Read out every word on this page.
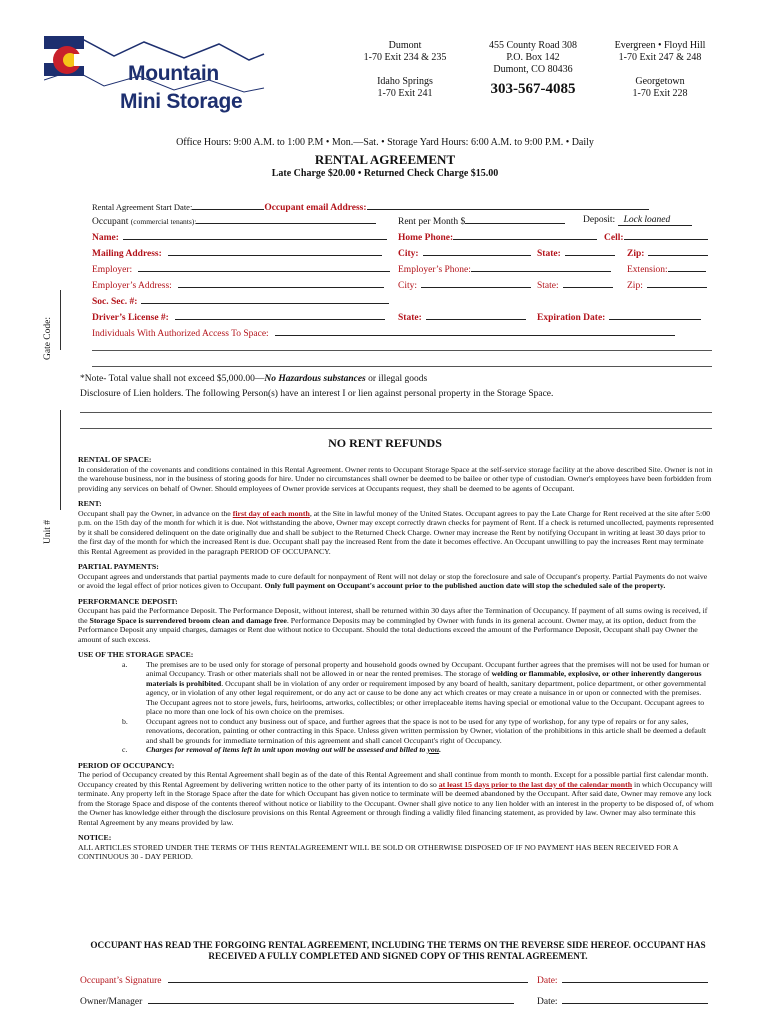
Mountain
Mini Storage
Dumont
1-70 Exit 234 & 235
Idaho Springs
1-70 Exit 241
455 County Road 308
P.O. Box 142
Dumont, CO 80436
303-567-4085
Evergreen • Floyd Hill
1-70 Exit 247 & 248
Georgetown
1-70 Exit 228
Office Hours: 9:00 A.M. to 1:00 P.M • Mon.—Sat. • Storage Yard Hours: 6:00 A.M. to 9:00 P.M. • Daily
RENTAL AGREEMENT
Late Charge $20.00 • Returned Check Charge $15.00
Gate Code:
Unit #
Rental Agreement Start Date:	Occupant email Address:
Occupant (commercial tenants):	Rent per Month $	Deposit: Lock loaned
Name:	Home Phone:	Cell:
Mailing Address:	City:	State:	Zip:
Employer:	Employer’s Phone:	Extension:
Employer’s Address:	City:	State:	Zip:
Soc. Sec. #:
Driver’s License #:	State:	Expiration Date:
Individuals With Authorized Access To Space:
*Note- Total value shall not exceed $5,000.00—No Hazardous substances or illegal goods
Disclosure of Lien holders. The following Person(s) have an interest I or lien against personal property in the Storage Space.
NO RENT REFUNDS

RENTAL OF SPACE:

In consideration of the covenants and conditions contained in this Rental Agreement. Owner rents to Occupant Storage Space at the self-service storage facility at the above described Site. Owner is not in the warehouse business, nor in the business of storing goods for hire. Under no circumstances shall owner be deemed to be bailee or other type of custodian. Owner's employees have been forbidden from providing any services on behalf of Owner. Should employees of Owner provide services at Occupants request, they shall be deemed to be agents of Occupant.

RENT:

Occupant shall pay the Owner, in advance on the first day of each month, at the Site in lawful money of the United States. Occupant agrees to pay the Late Charge for Rent received at the site after 5:00 p.m. on the 15th day of the month for which it is due. Not withstanding the above, Owner may except correctly drawn checks for payment of Rent. If a check is returned uncollected, payments represented by it shall be considered delinquent on the date originally due and shall be subject to the Returned Check Charge. Owner may increase the Rent by notifying Occupant in writing at least 30 days prior to the first day of the month for which the increased Rent is due. Occupant shall pay the increased Rent from the date it becomes effective. An Occupant unwilling to pay the increases Rent may terminate this Rental Agreement as provided in the paragraph PERIOD OF OCCUPANCY.

PARTIAL PAYMENTS:

Occupant agrees and understands that partial payments made to cure default for nonpayment of Rent will not delay or stop the foreclosure and sale of Occupant's property. Partial Payments do not waive or avoid the legal effect of prior notices given to Occupant. Only full payment on Occupant's account prior to the published auction date will stop the scheduled sale of the property.

PERFORMANCE DEPOSIT:

Occupant has paid the Performance Deposit. The Performance Deposit, without interest, shall be returned within 30 days after the Termination of Occupancy. If payment of all sums owing is received, if the Storage Space is surrendered broom clean and damage free. Performance Deposits may be commingled by Owner with funds in its general account. Owner may, at its option, deduct from the Performance Deposit any unpaid charges, damages or Rent due without notice to Occupant. Should the total deductions exceed the amount of the Performance Deposit, Occupant shall pay Owner the amount of such excess.

USE OF THE STORAGE SPACE:

a.	The premises are to be used only for storage of personal property and household goods owned by Occupant. Occupant further agrees that the premises will not be used for human or animal Occupancy. Trash or other materials shall not be allowed in or near the rented premises. The storage of welding or flammable, explosive, or other inherently dangerous materials is prohibited. Occupant shall be in violation of any order or requirement imposed by any board of health, sanitary department, police department, or other governmental agency, or in violation of any other legal requirement, or do any act or cause to be done any act which creates or may create a nuisance in or upon or connected with the premises. The Occupant agrees not to store jewels, furs, heirlooms, artworks, collectibles; or other irreplaceable items having special or emotional value to the Occupant. Occupant agrees to place no more than one lock of his own choice on the premises.

b.	Occupant agrees not to conduct any business out of space, and further agrees that the space is not to be used for any type of workshop, for any type of repairs or for any sales, renovations, decoration, painting or other contracting in this Space. Unless given written permission by Owner, violation of the prohibitions in this article shall be deemed a default and shall be grounds for immediate termination of this agreement and shall cancel Occupant's right of Occupancy.

c.	Charges for removal of items left in unit upon moving out will be assessed and billed to you.

PERIOD OF OCCUPANCY:

The period of Occupancy created by this Rental Agreement shall begin as of the date of this Rental Agreement and shall continue from month to month. Except for a possible partial first calendar month. Occupancy created by this Rental Agreement by delivering written notice to the other party of its intention to do so at least 15 days prior to the last day of the calendar month in which Occupancy will terminate. Any property left in the Storage Space after the date for which Occupant has given notice to terminate will be deemed abandoned by the Occupant. After said date, Owner may remove any lock from the Storage Space and dispose of the contents thereof without notice or liability to the Occupant. Owner shall give notice to any lien holder with an interest in the property to be disposed of, of whom the Owner has knowledge either through the disclosure provisions on this Rental Agreement or through finding a validly filed financing statement, as provided by law. Owner may also terminate this Rental Agreement by any means provided by law.

NOTICE:

ALL ARTICLES STORED UNDER THE TERMS OF THIS RENTALAGREEMENT WILL BE SOLD OR OTHERWISE DISPOSED OF IF NO PAYMENT HAS BEEN RECEIVED FOR A CONTINUOUS 30 - DAY PERIOD.

OCCUPANT HAS READ THE FORGOING RENTAL AGREEMENT, INCLUDING THE TERMS ON THE REVERSE SIDE HEREOF. OCCUPANT HAS RECEIVED A FULLY COMPLETED AND SIGNED COPY OF THIS RENTAL AGREEMENT.
Occupant’s Signature	Date:
Owner/Manager	Date:
